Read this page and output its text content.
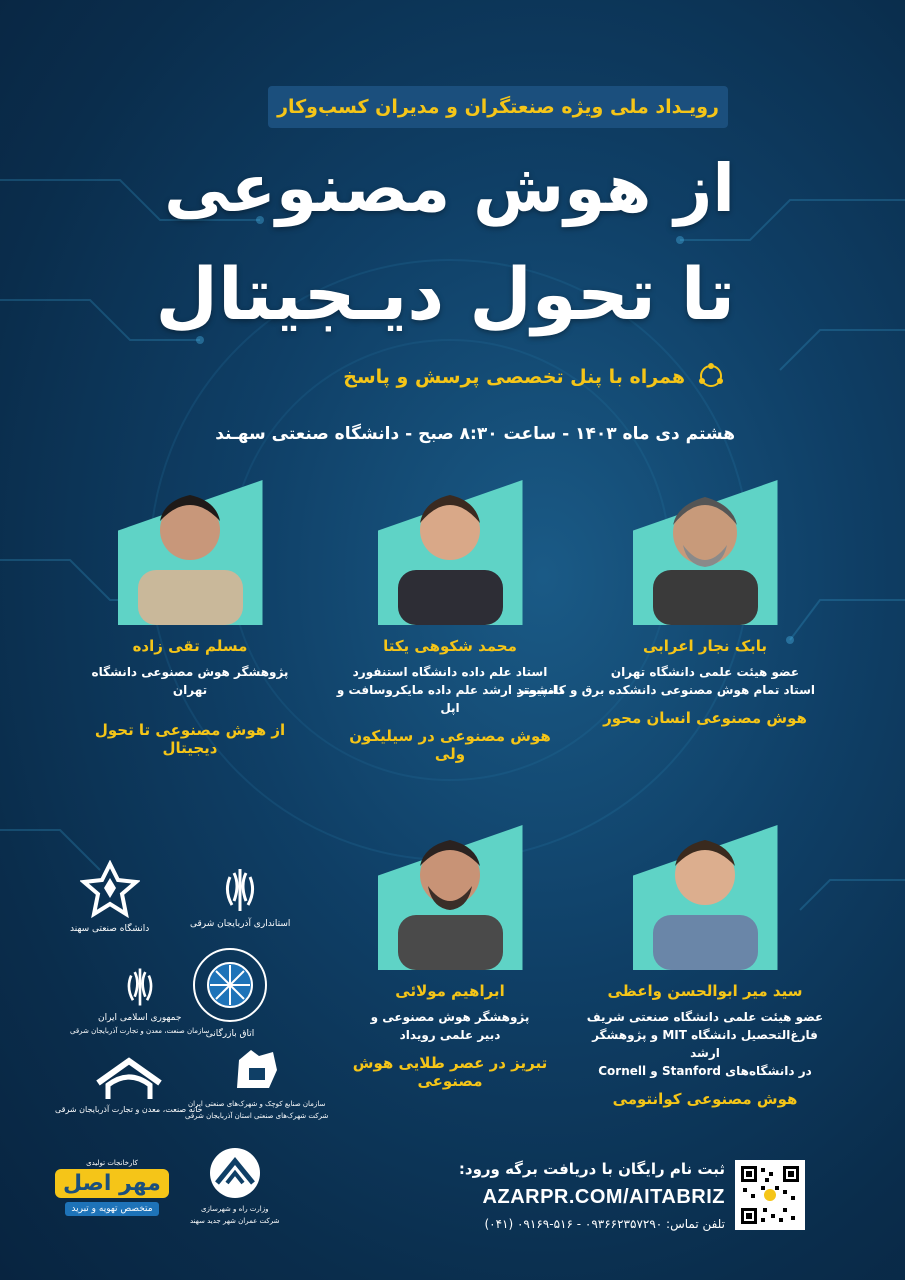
رویـداد ملی ویژه صنعتگران و مدیران کسب‌وکار
از هوش مصنوعی
تا تحول دیـجیتال
همراه با پنل تخصصی پرسش و پاسخ
هشتم دی ماه ۱۴۰۳ - ساعت ۸:۳۰ صبح - دانشگاه صنعتی سهـند
بابک نجار اعرابی
عضو هیئت علمی دانشگاه تهران
استاد تمام هوش مصنوعی دانشکده برق و کامپیوتر
هوش مصنوعی انسان محور
محمد شکوهی یکتا
استاد علم داده دانشگاه استنفورد
دانشمند ارشد علم داده مایکروسافت و اپل
هوش مصنوعی در سیلیکون ولی
مسلم تقی زاده
پژوهشگر هوش مصنوعی دانشگاه تهران
از هوش مصنوعی تا تحول دیجیتال
سید میر ابوالحسن واعظی
عضو هیئت علمی دانشگاه صنعتی شریف
فارغ‌التحصیل دانشگاه MIT و پژوهشگر ارشد
در دانشگاه‌های Stanford و Cornell
هوش مصنوعی کوانتومی
ابراهیم مولائی
پژوهشگر هوش مصنوعی و
دبیر علمی رویداد
تبریز در عصر طلایی هوش مصنوعی
دانشگاه صنعتی سهند	استانداری آذربایجان شرقی
جمهوری اسلامی ایران
سازمان صنعت، معدن و تجارت آذربایجان شرقی
اتاق بازرگانی
خانه صنعت، معدن و تجارت آذربایجان شرقی
سازمان صنایع کوچک و شهرک‌های صنعتی ایران
شرکت شهرک‌های صنعتی استان آذربایجان شرقی
کارخانجات تولیدی
مهر اصل
متخصص تهویه و تبرید	وزارت راه و شهرسازی
شرکت عمران شهر جدید سهند
ثبت نام رایگان با دریافت برگه ورود:
AZARPR.COM/AITABRIZ
تلفن تماس: ۰۹۳۶۶۲۳۵۷۲۹۰ - ۵۱۶‌-۰۹۱۶۹ (۰۴۱)
